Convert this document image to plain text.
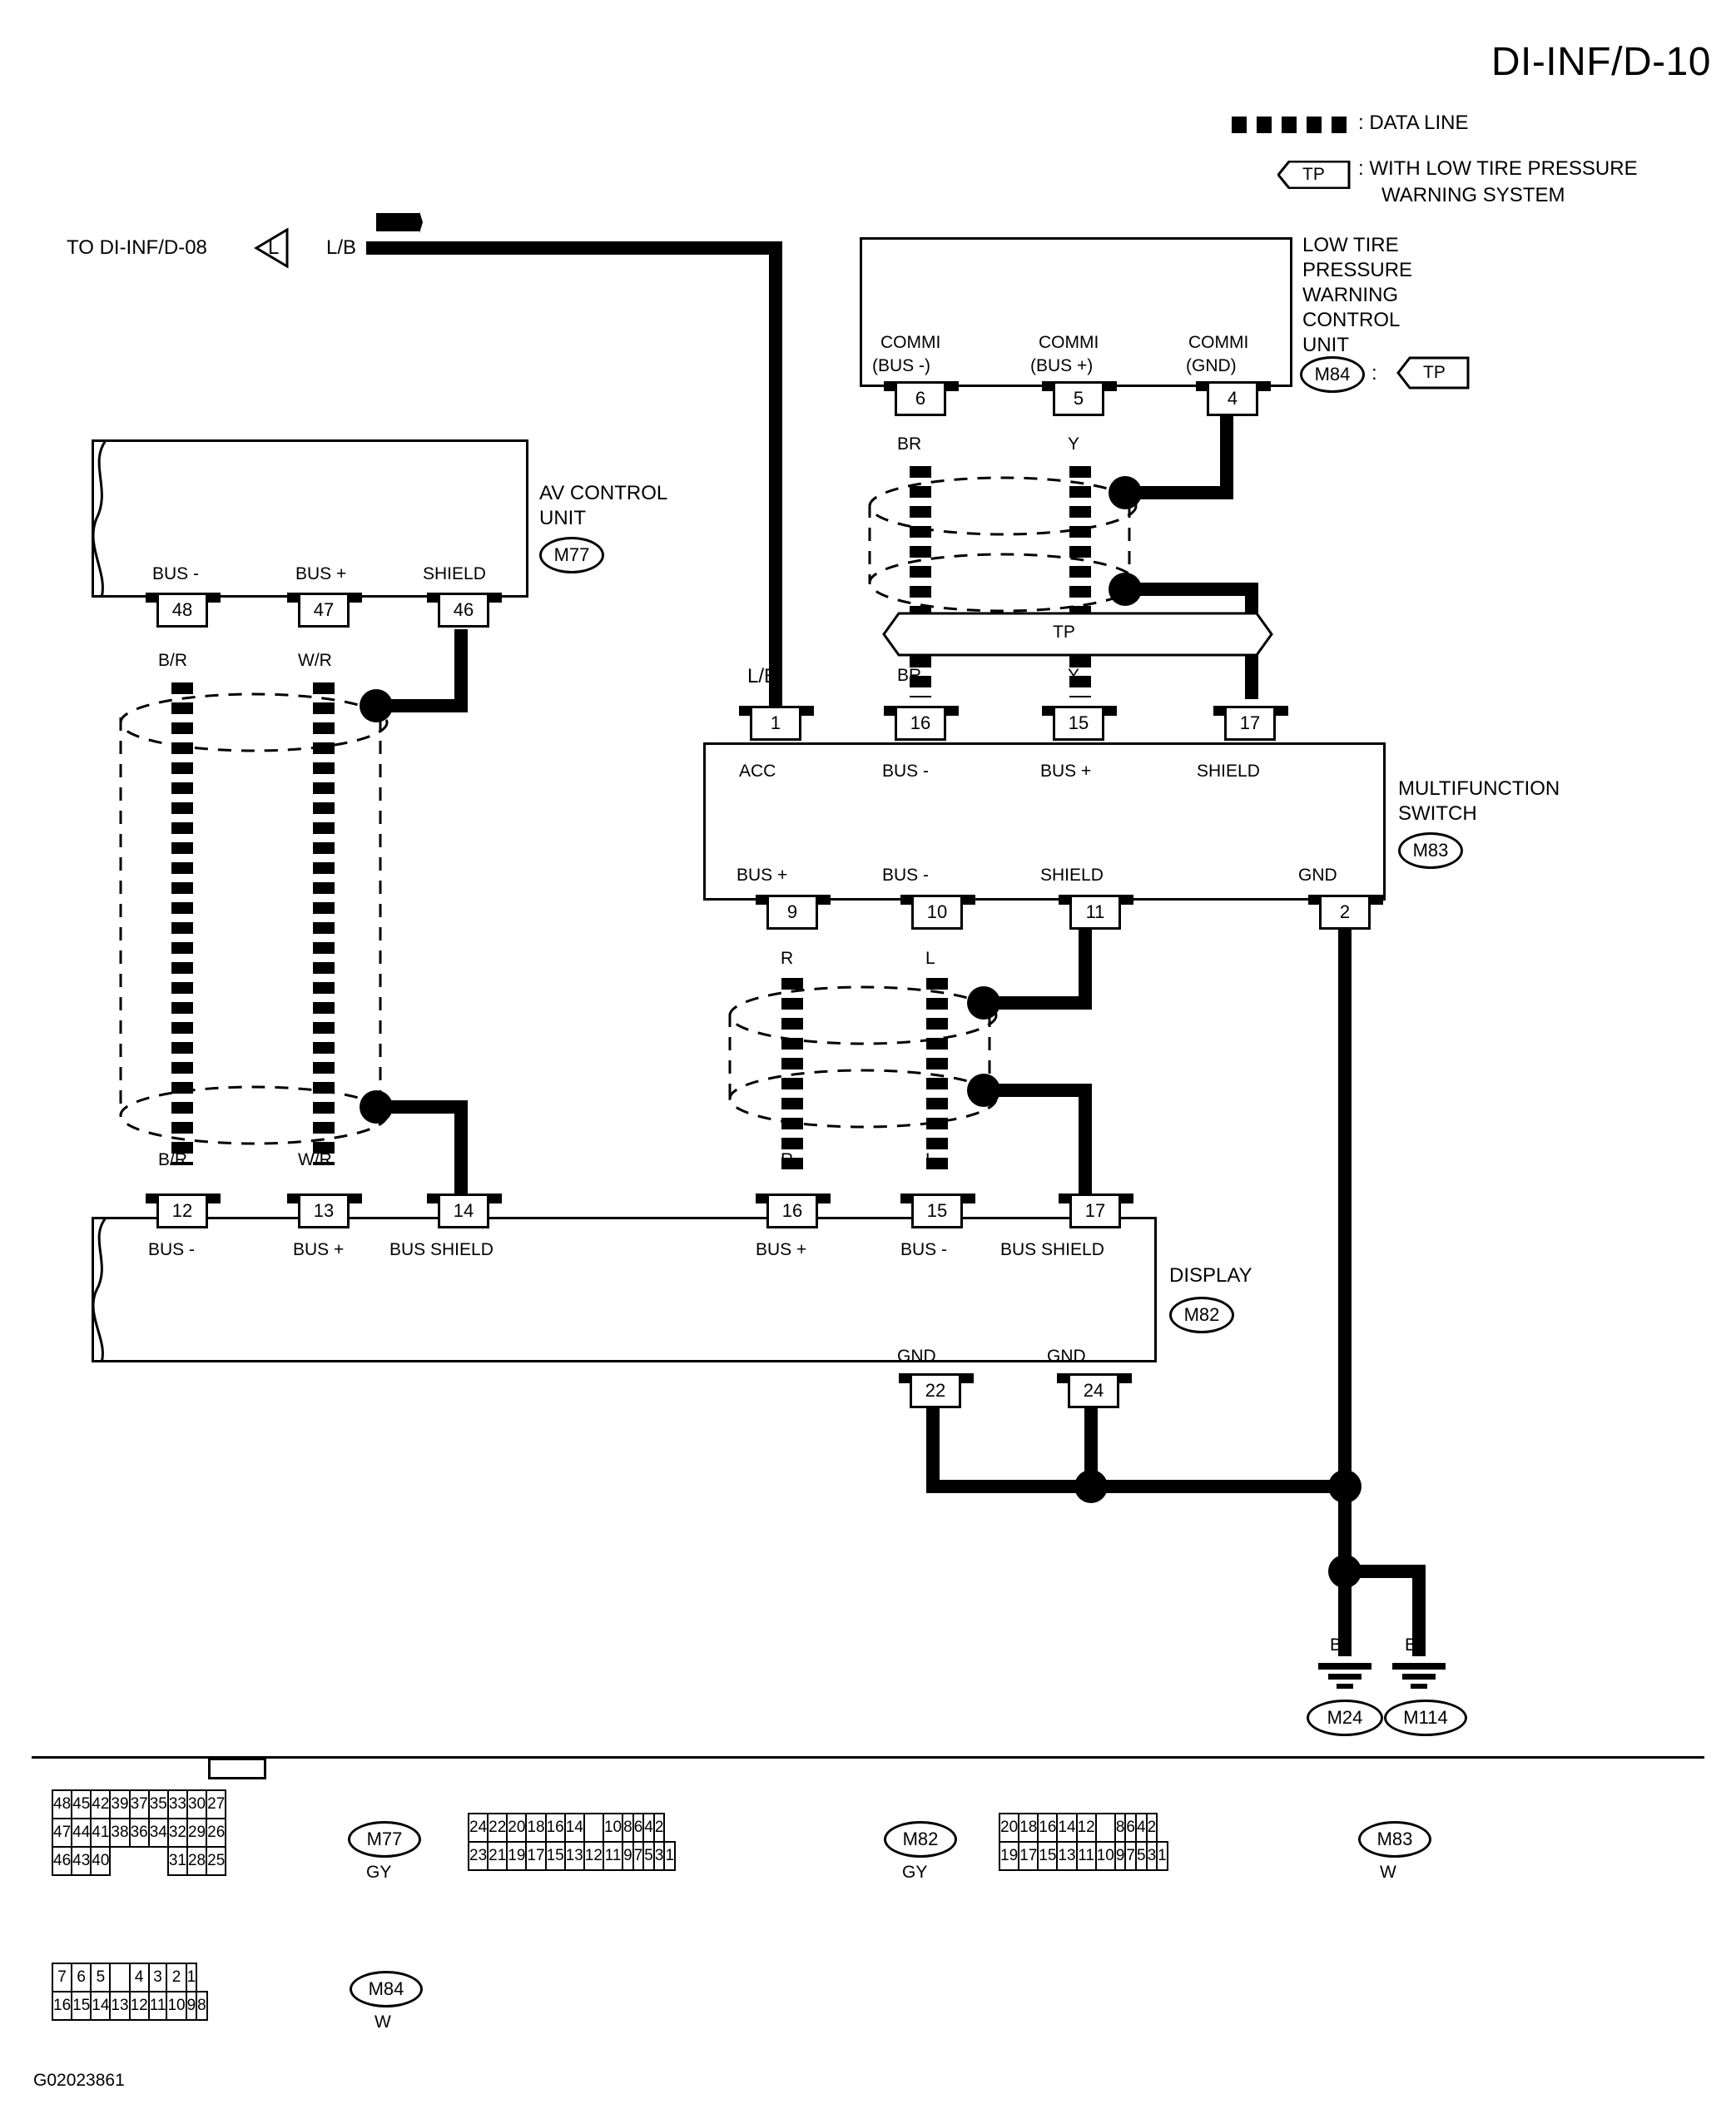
DI-INF/D-10
: DATA LINE
TP : WITH LOW TIRE PRESSURE
WARNING SYSTEM
TO DI-INF/D-08	L L/B
L/B
AV CONTROL
UNIT
M77
BUS -	BUS +	SHIELD
48	47	46
B/R	W/R
B/R	W/R
LOW TIRE
PRESSURE
WARNING
CONTROL
UNIT
M84	:	TP
COMMI
(BUS -)
COMMI
(BUS +)
COMMI
(GND)
6	5	4
BR	Y
TP
BR	Y
MULTIFUNCTION
SWITCH
M83
1	16	15	17
ACC	BUS -	BUS +	SHIELD
BUS +	BUS -	SHIELD	GND
9	10	11	2
R	L
R	L
DISPLAY
M82
12	13	14	16	15	17
BUS -	BUS +	BUS SHIELD	BUS +	BUS -	BUS SHIELD
GND	GND
22	24
B	B
M24	M114
48	45	42	39	37	35	33	30	27
47	44	41	38	36	34	32	29	26
46	43	40				31	28	25
M77
GY
24	22	20	18	16	14		10	8	6	4	2	
23	21	19	17	15	13	12	11	9	7	5	3	1
M82
GY
20	18	16	14	12		8	6	4	2	
19	17	15	13	11	10	9	7	5	3	1
M83
W
7	6	5		4	3	2	1	
16	15	14	13	12	11	10	9	8
M84
W
G02023861
